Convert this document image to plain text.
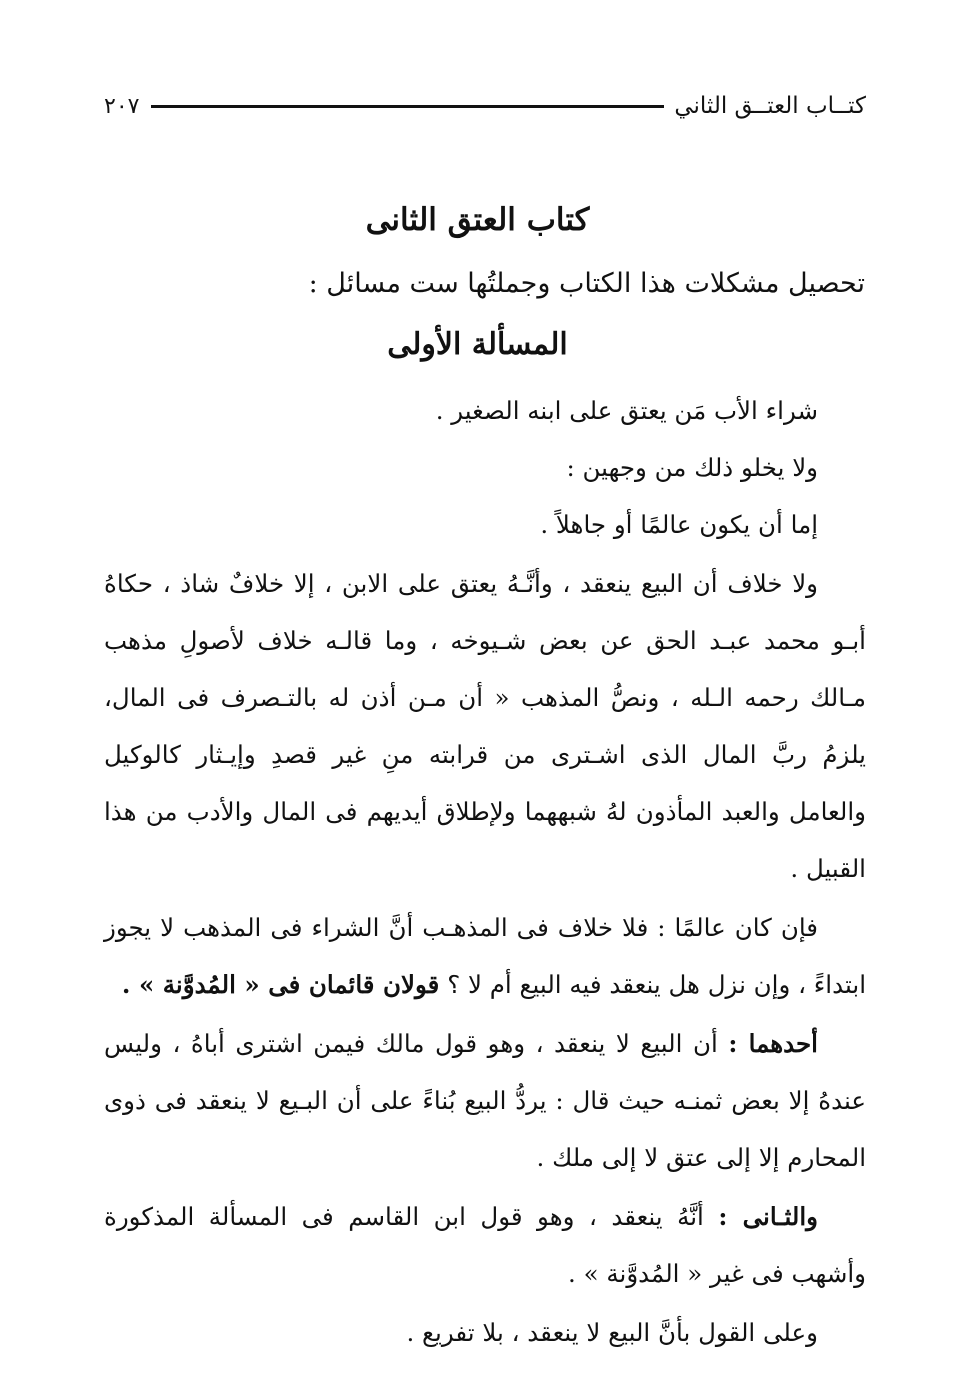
كتــاب العتــق الثاني
٢٠٧
كتاب العتق الثانى
تحصيل مشكلات هذا الكتاب وجملتُها ست مسائل :
المسألة الأولى

شراء الأب مَن يعتق على ابنه الصغير .

ولا يخلو ذلك من وجهين :

إما أن يكون عالمًا أو جاهلاً .

ولا خلاف أن البيع ينعقد ، وأنَّـهُ يعتق على الابن ، إلا خلافٌ شاذ ، حكاهُ أبـو محمد عبـد الحق عن بعض شـيوخه ، وما قالـه خلاف لأصولِ مذهب مـالك رحمه الـله ، ونصُّ المذهب « أن مـن أذن له بالتـصرف فى المال، يلزمُ ربَّ المال الذى اشـترى من قرابته منِ غير قصدِ وإيـثار كالوكيل والعامل والعبد المأذون لهُ شبههما ولإطلاق أيديهم فى المال والأدب من هذا القبيل .

فإن كان عالمًا : فلا خلاف فى المذهـب أنَّ الشراء فى المذهب لا يجوز ابتداءً ، وإن نزل هل ينعقد فيه البيع أم لا ؟ قولان قائمان فى « المُدوَّنة » .

أحدهما : أن البيع لا ينعقد ، وهو قول مالك فيمن اشترى أباهُ ، وليس عندهُ إلا بعض ثمنـه حيث قال : يردُّ البيع بُناءً على أن البـيع لا ينعقد فى ذوى المحارم إلا إلى عتق لا إلى ملك .

والثـانى : أنَّهُ ينعقد ، وهو قول ابن القاسم فى المسألة المذكورة وأشهب فى غير « المُدوَّنة » .

وعلى القول بأنَّ البيع لا ينعقد ، بلا تفريع .
